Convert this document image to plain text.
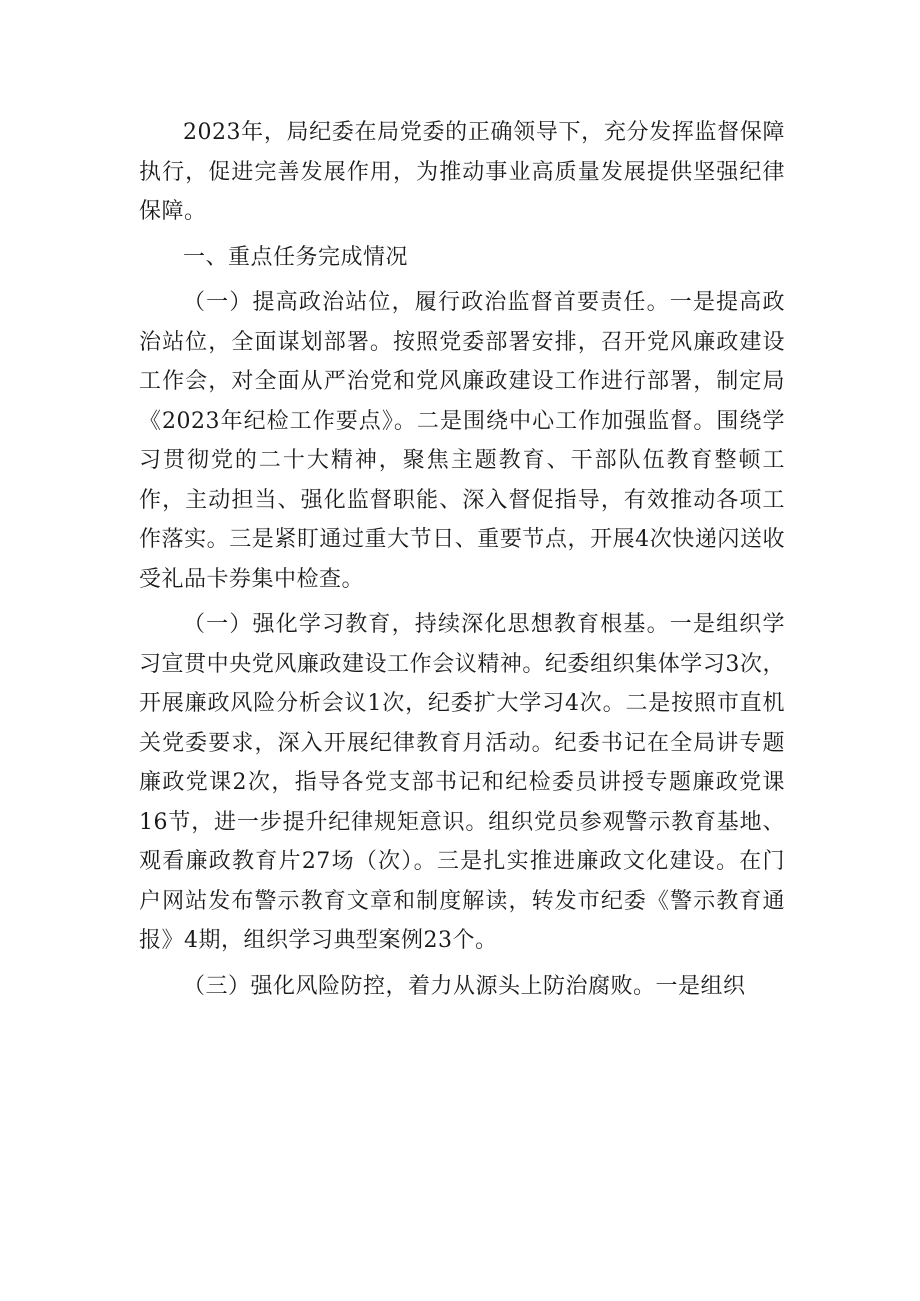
2023年，局纪委在局党委的正确领导下，充分发挥监督保障执行，促进完善发展作用，为推动事业高质量发展提供坚强纪律保障。

一、重点任务完成情况

（一）提高政治站位，履行政治监督首要责任。一是提高政治站位，全面谋划部署。按照党委部署安排，召开党风廉政建设工作会，对全面从严治党和党风廉政建设工作进行部署，制定局《2023年纪检工作要点》。二是围绕中心工作加强监督。围绕学习贯彻党的二十大精神，聚焦主题教育、干部队伍教育整顿工作，主动担当、强化监督职能、深入督促指导，有效推动各项工作落实。三是紧盯通过重大节日、重要节点，开展4次快递闪送收受礼品卡券集中检查。

（一）强化学习教育，持续深化思想教育根基。一是组织学习宣贯中央党风廉政建设工作会议精神。纪委组织集体学习3次，开展廉政风险分析会议1次，纪委扩大学习4次。二是按照市直机关党委要求，深入开展纪律教育月活动。纪委书记在全局讲专题廉政党课2次，指导各党支部书记和纪检委员讲授专题廉政党课16节，进一步提升纪律规矩意识。组织党员参观警示教育基地、观看廉政教育片27场（次）。三是扎实推进廉政文化建设。在门户网站发布警示教育文章和制度解读，转发市纪委《警示教育通报》4期，组织学习典型案例23个。

（三）强化风险防控，着力从源头上防治腐败。一是组织
